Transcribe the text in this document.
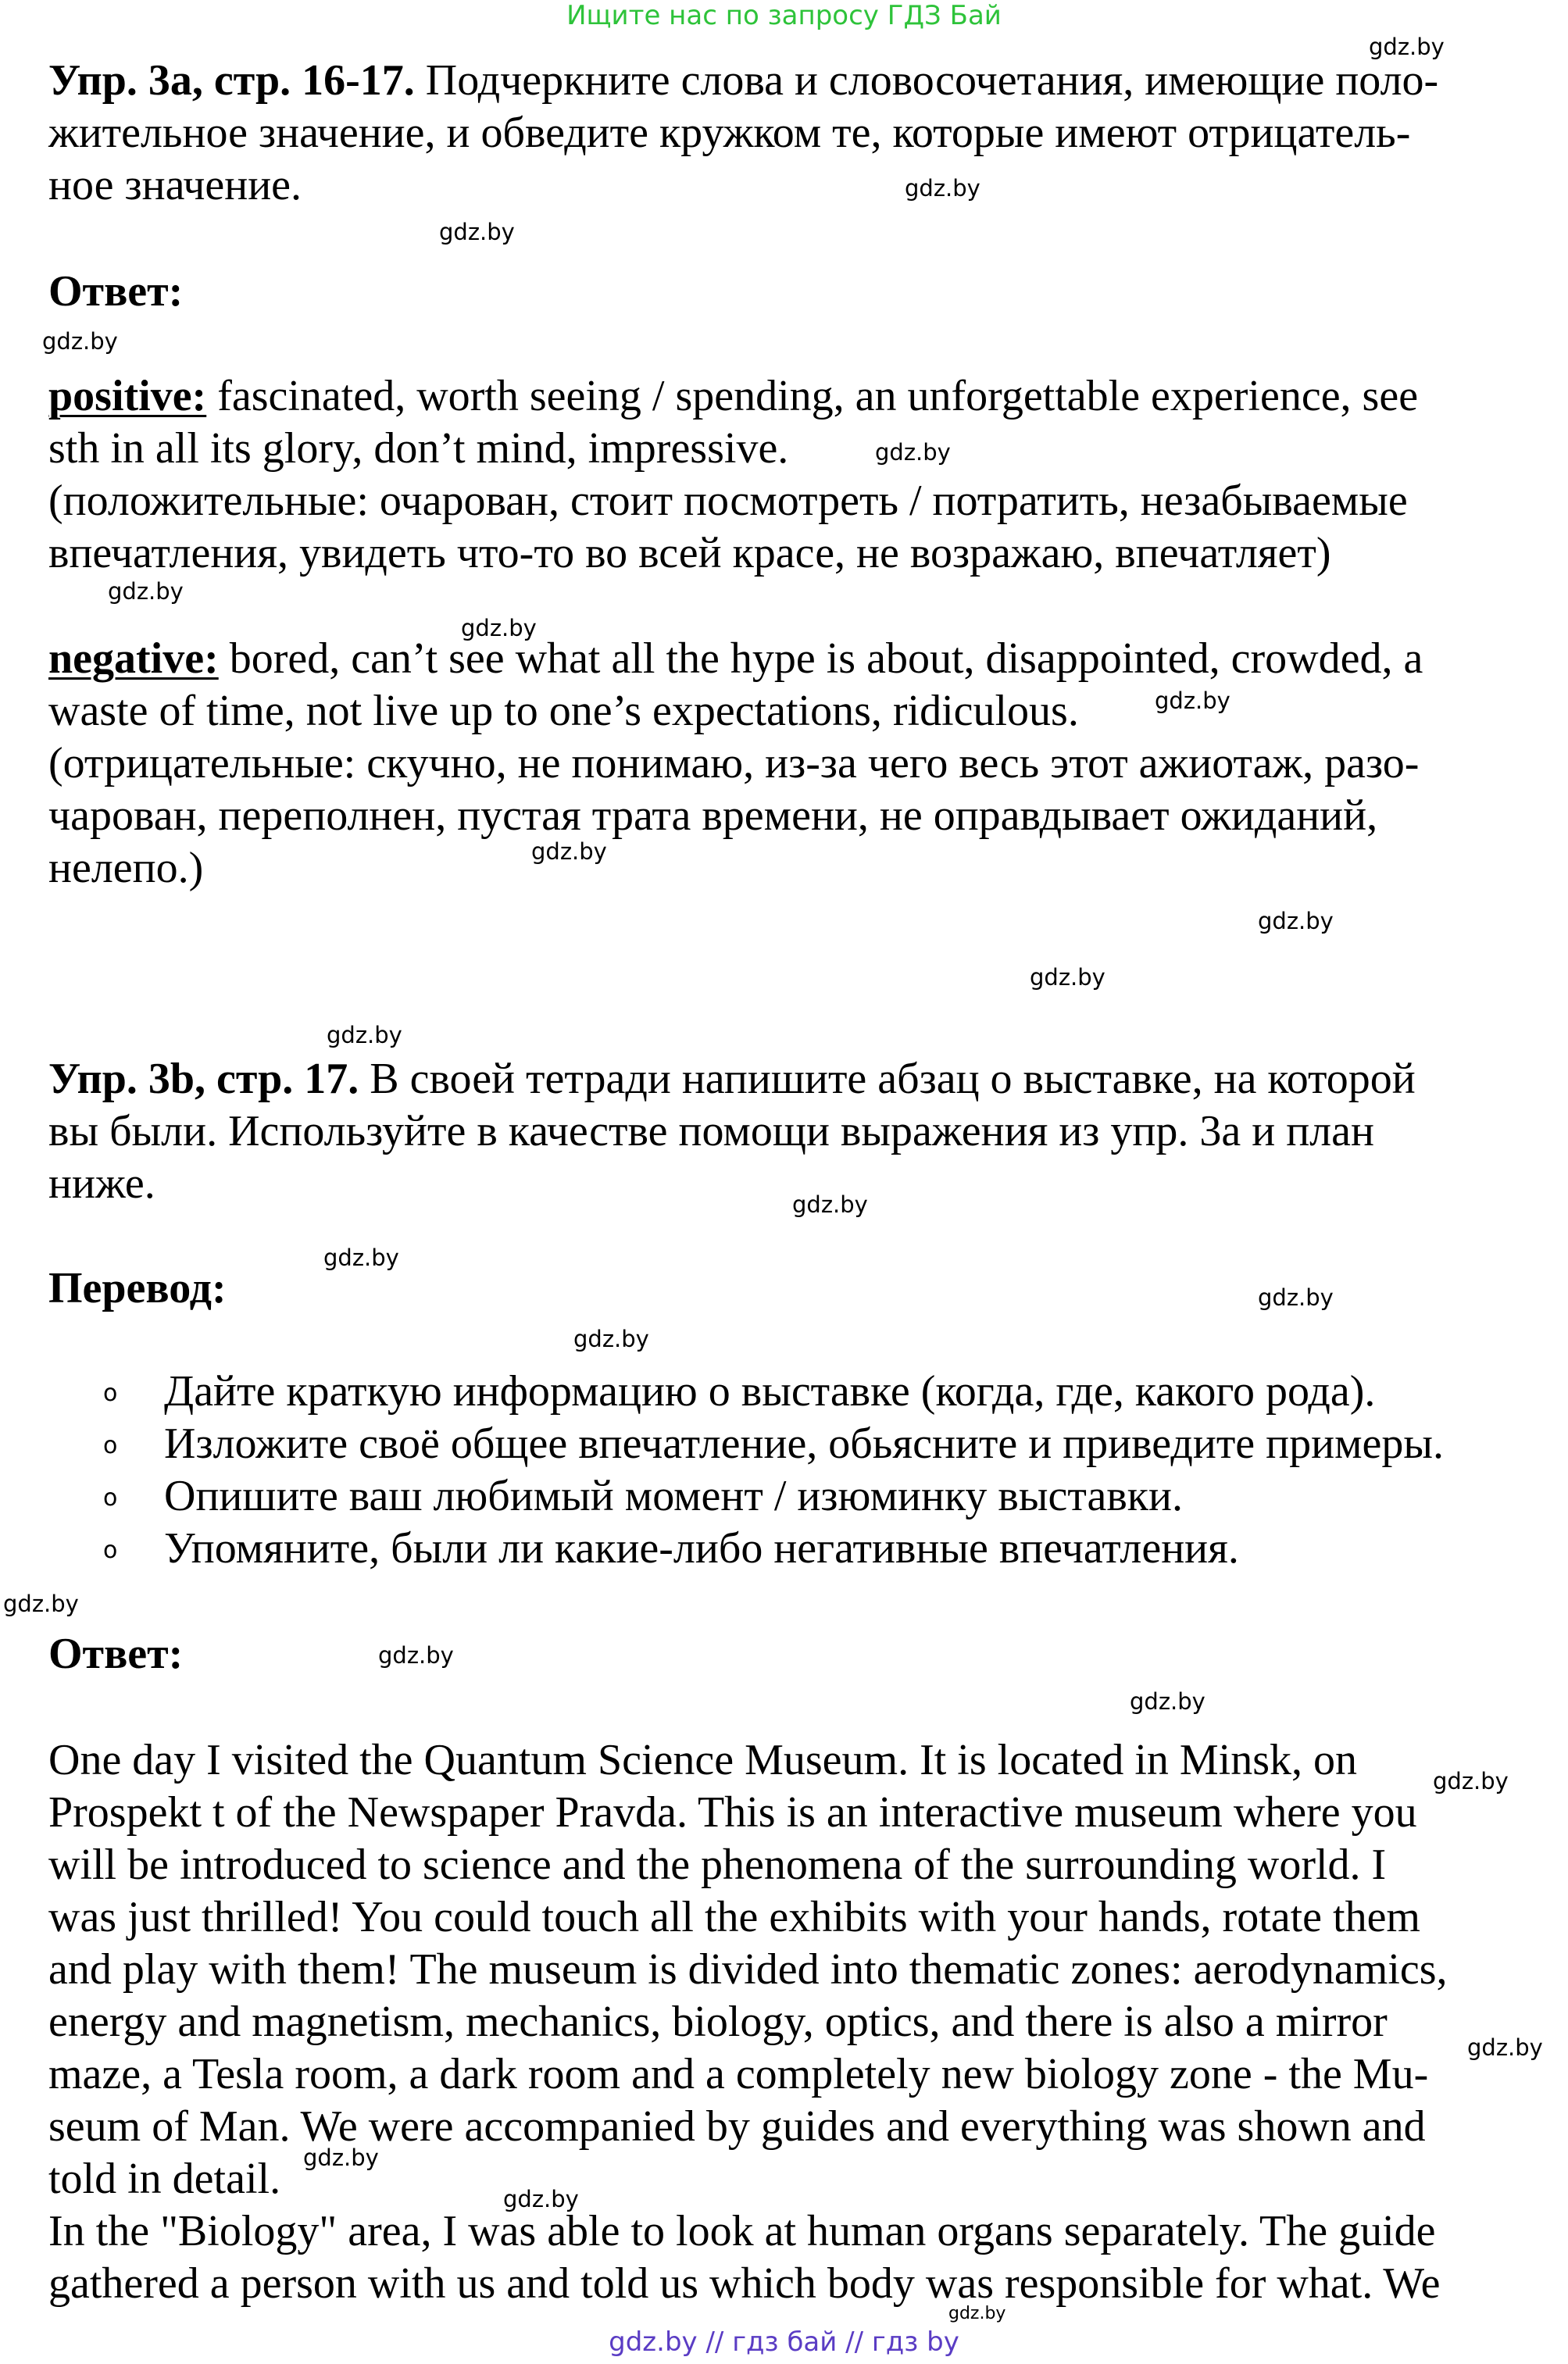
Ищите нас по запросу ГДЗ Бай
gdz.by
gdz.by
gdz.by
gdz.by
gdz.by
gdz.by
gdz.by
gdz.by
gdz.by
gdz.by
gdz.by
gdz.by
gdz.by
gdz.by
gdz.by
gdz.by
gdz.by
gdz.by
gdz.by
gdz.by
gdz.by
gdz.by
gdz.by
gdz.by
Упр. 3а, стр. 16-17. Подчеркните слова и словосочетания, имеющие поло-
жительное значение, и обведите кружком те, которые имеют отрицатель-
ное значение.
Ответ:
positive: fascinated, worth seeing / spending, an unforgettable experience, see
sth in all its glory, don’t mind, impressive.
(положительные: очарован, стоит посмотреть / потратить, незабываемые
впечатления, увидеть что-то во всей красе, не возражаю, впечатляет)
negative: bored, can’t see what all the hype is about, disappointed, crowded, a
waste of time, not live up to one’s expectations, ridiculous.
(отрицательные: скучно, не понимаю, из-за чего весь этот ажиотаж, разо-
чарован, переполнен, пустая трата времени, не оправдывает ожиданий,
нелепо.)
Упр. 3b, стр. 17. В своей тетради напишите абзац о выставке, на которой
вы были. Используйте в качестве помощи выражения из упр. 3а и план
ниже.
Перевод:
o Дайте краткую информацию о выставке (когда, где, какого рода).
o Изложите своё общее впечатление, обьясните и приведите примеры.
o Опишите ваш любимый момент / изюминку выставки.
o Упомяните, были ли какие-либо негативные впечатления.
Ответ:
One day I visited the Quantum Science Museum. It is located in Minsk, on
Prospekt t of the Newspaper Pravda. This is an interactive museum where you
will be introduced to science and the phenomena of the surrounding world. I
was just thrilled! You could touch all the exhibits with your hands, rotate them
and play with them! The museum is divided into thematic zones: aerodynamics,
energy and magnetism, mechanics, biology, optics, and there is also a mirror
maze, a Tesla room, a dark room and a completely new biology zone - the Mu-
seum of Man. We were accompanied by guides and everything was shown and
told in detail.
In the "Biology" area, I was able to look at human organs separately. The guide
gathered a person with us and told us which body was responsible for what. We
gdz.by // гдз бай // гдз by
